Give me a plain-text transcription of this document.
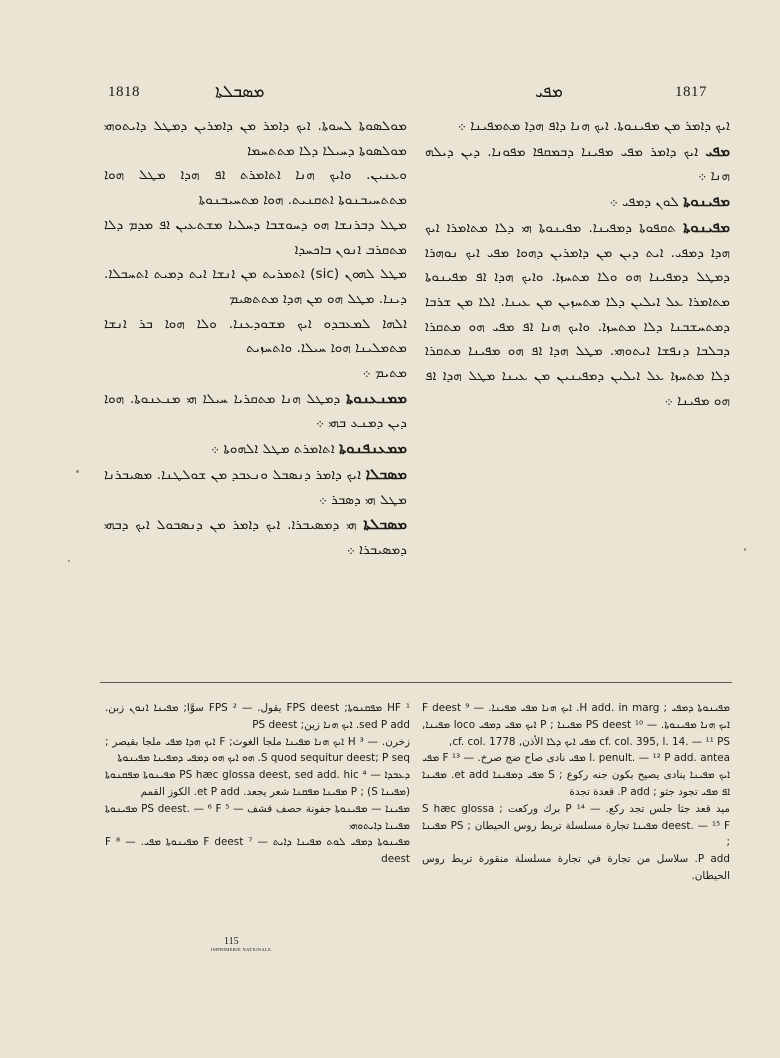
1818	ܡܣܒܠܬܐ	ܡܦܝ	1817

ܡܘܠܣܘܬܐ ܠܚܘܬܐ. ܐܝܟ ܕܐܡܪ ܡܢ ܕܐܡܪܝܢ ܕܡܛܠ ܕܐܝܬܘܗܝ ܡܘܠܣܘܬܐ ܕܚܝܠܐ ܕܠܐ ܡܬܬܚܡܐ

ܘܥܢܝܢ. ܘܐܝܟ ܗܢܐ ܐܬܐܡܪܬ ܐܦ ܗܕܐ ܡܛܠ ܗܘܐ ܡܬܬܚܝܒܢܘܬܐ ܐܬܩܢܝܬ. ܗܘܐ ܡܬܚܝܒܢܘܬܐ

ܡܛܠ ܕܒܪܢܫܐ ܗܘ ܕܚܘܫܒܐ ܕܚܠܝܐ ܡܫܬܥܝܢ ܐܦ ܡܕܡ ܕܠܐ ܡܬܩܪܒ ܐܢܘܢ ܒܐܟܚܕܐ

ܡܛܠ ܠܗܘܢ (sic) ܐܬܡܪܝܬ ܡܢ ܐܢܫܐ ܐܝܬ ܕܡܝܬ ܐܬܚܒܠܐ. ܕܝܢܐ. ܡܛܠ ܗܘ ܡܢ ܗܕܐ ܡܬܬܣܝܡ

ܐܠܗܐ ܠܡܥܒܕܘ ܐܝܟ ܡܫܘܕܥܢܐ. ܘܠܐ ܗܘܐ ܒܪ ܐܢܫܐ ܡܬܡܠܝܢܐ ܗܘܐ ܚܝܠܐ. ܘܐܬܚܙܝܬ

ܡܬܝܡ ܀

ܡܡܢܥܢܘܬܐ ܕܡܛܠ ܗܢܐ ܡܬܩܪܝܐ ܚܝܠܐ ܗܝ ܡܢܥܢܘܬܐ. ܗܘܐ ܕܝܢ ܕܡܢܥ ܒܗܝ ܀

ܡܡܥܢܦܢܘܬܐ ܐܬܐܡܪܬ ܡܛܠ ܐܠܗܘܬܐ ܀

ܡܣܒܠܐ ܐܝܟ ܕܐܡܪ ܕܢܣܒܠ ܘܢܥܒܕ ܡܢ ܫܘܠܛܢܐ. ܡܣܝܒܪܢܐ ܡܛܠ ܗܝ ܕܣܒܪ ܀

ܡܣܒܠܬܐ ܗܝ ܕܡܣܝܒܪܐ. ܐܝܟ ܕܐܡܪ ܡܢ ܕܢܣܒܘܠ ܐܝܟ ܕܒܗܝ ܕܡܣܝܒܪܐ ܀

ܐܝܟ ܕܐܡܪ ܡܢ ܡܦܝܢܘܬܐ. ܐܝܟ ܗܢܐ ܕܐܦ ܗܕܐ ܡܬܡܦܝܢܐ ܀

ܡܦܝ ܐܝܟ ܕܐܡܪ ܡܦܝ ܡܦܝܢܐ ܕܒܡܩܦܐ ܡܦܘܢܐ. ܕܝܢ ܕܝܠܗ ܗܢܐ ܀

ܡܦܝܢܘܬܐ ܠܘܢ ܕܡܦܝ ܀

ܡܦܝܢܘܬܐ ܬܩܦܘܬܐ ܕܡܦܝܢܐ. ܡܦܝܢܘܬܐ ܗܝ ܕܠܐ ܡܬܐܡܪܐ ܐܝܟ ܗܕܐ ܕܡܦܝ. ܐܝܬ ܕܝܢ ܡܢ ܕܐܡܪܝܢ ܕܗܘܐ ܡܦܝ ܐܝܟ ܢܘܗܪܐ ܕܡܛܠ ܕܡܦܝܢܐ ܗܘ ܘܠܐ ܡܬܚܙܐ. ܘܐܝܟ ܗܕܐ ܐܦ ܡܦܝܢܘܬܐ ܡܬܐܡܪܐ ܥܠ ܐܝܠܝܢ ܕܠܐ ܡܬܚܙܝܢ ܡܢ ܥܝܢܐ. ܐܠܐ ܡܢ ܫܪܒܐ ܕܡܬܚܫܒܢܐ ܕܠܐ ܡܬܚܙܐ. ܘܐܝܟ ܗܢܐ ܐܦ ܡܦܝ ܗܘ ܡܬܩܪܐ ܕܒܠܒܐ ܕܢܦܫܐ ܐܝܬܘܗܝ. ܡܛܠ ܗܕܐ ܐܦ ܗܘ ܡܦܝܢܐ ܡܬܩܪܐ ܕܠܐ ܡܬܚܙܐ ܥܠ ܐܝܠܝܢ ܕܡܦܝܢܝܢ ܡܢ ܥܝܢܐ ܡܛܠ ܗܕܐ ܐܦ ܗܘ ܡܦܝܢܐ ܀

¹ HF ܡܦܩܢܘܬܐ; FPS deest يقول. — ² FPS سوَّا; ܡܦܝܢܐ ܐܢܘܢ زبن. sed P add. ܐܝܟ ܗܢܐ زين; PS deest

زخرن. — ³ H ܐܝܟ ܗܢܐ ܡܦܝܢܐ ملجا الغوث; F ܐܝܟ ܗܕܐ ܡܦܝ ملجا بقيصر ; S quod sequitur deest; P seq. ܗܘ ܐܝܟ ܗܘ ܕܡܦܝ ܕܡܦܝܢܐ ܡܦܝܢܘܬܐ

ܕܥܒܕܐ — ⁴ PS hæc glossa deest, sed add. hic ܡܦܝܢܘܬܐ ܡܦܩܢܘܬܐ (ܡܦܝܢܐ S) ; P ܡܦܝܢܐ ܡܦܩܢܐ شعر يجعد. et P add. الكوز القمم

ܡܦܝܢܐ — ܡܦܝܢܘܬܐ جفونة حصف قشف — ⁵ PS deest. — ⁶ F ܡܦܝܢܘܬܐ ܡܦܝܢܐ ܕܐܝܬܘܗܝ

ܡܦܝܢܘܬܐ ܕܡܦܝ ܠܘܬ ܡܦܝܢܐ ܕܐܝܬ — ⁷ F deest ܡܦܝܢܘܬܐ ܡܦܝ. — ⁸ F deest

ܡܦܝܢܘܬܐ ܕܡܦܝ ; H add. in marg. ܐܝܟ ܗܢܐ ܡܦܝ ܡܦܝܢܐ. — ⁹ F deest ܐܝܟ ܗܢܐ ܡܦܝܢܘܬܐ. — ¹⁰ PS deest ܡܦܝܢܐ ; P ܐܝܟ ܡܦܝ ܕܡܦܝ loco ܡܦܝܢܐ, cf. col. 395, l. 14. — ¹¹ PS ܡܦܝ ܐܝܟ ܕܠܐ الأذن, cf. col. 1778,

l. penult. — ¹² P add. antea ܡܦܝ نادى صاح ضج صرخ. — ¹³ F ܡܦܝ ܐܝܟ ܡܦܝܢܐ ينادى يصيح بكون جنه ركوع ; S ܡܦܝ ܕܡܦܝܢܐ et add. ܡܦܝܢܐ ܐܦ ܡܦܝ تجود جثو ; P add. قعدة تجدة

ميد قعد جثا جلس تجد ركع. — ¹⁴ P برك وركعت ; S hæc glossa deest. — ¹⁵ F ܡܦܝܢܐ تجارة مسلسلة تربط روس الحيطان ; PS ܡܦܝܢܐ ;

P add. سلاسل من تجارة في تجارة مسلسلة منقورة تربط روس الحيطان.

115
IMPRIMERIE NATIONALE.
